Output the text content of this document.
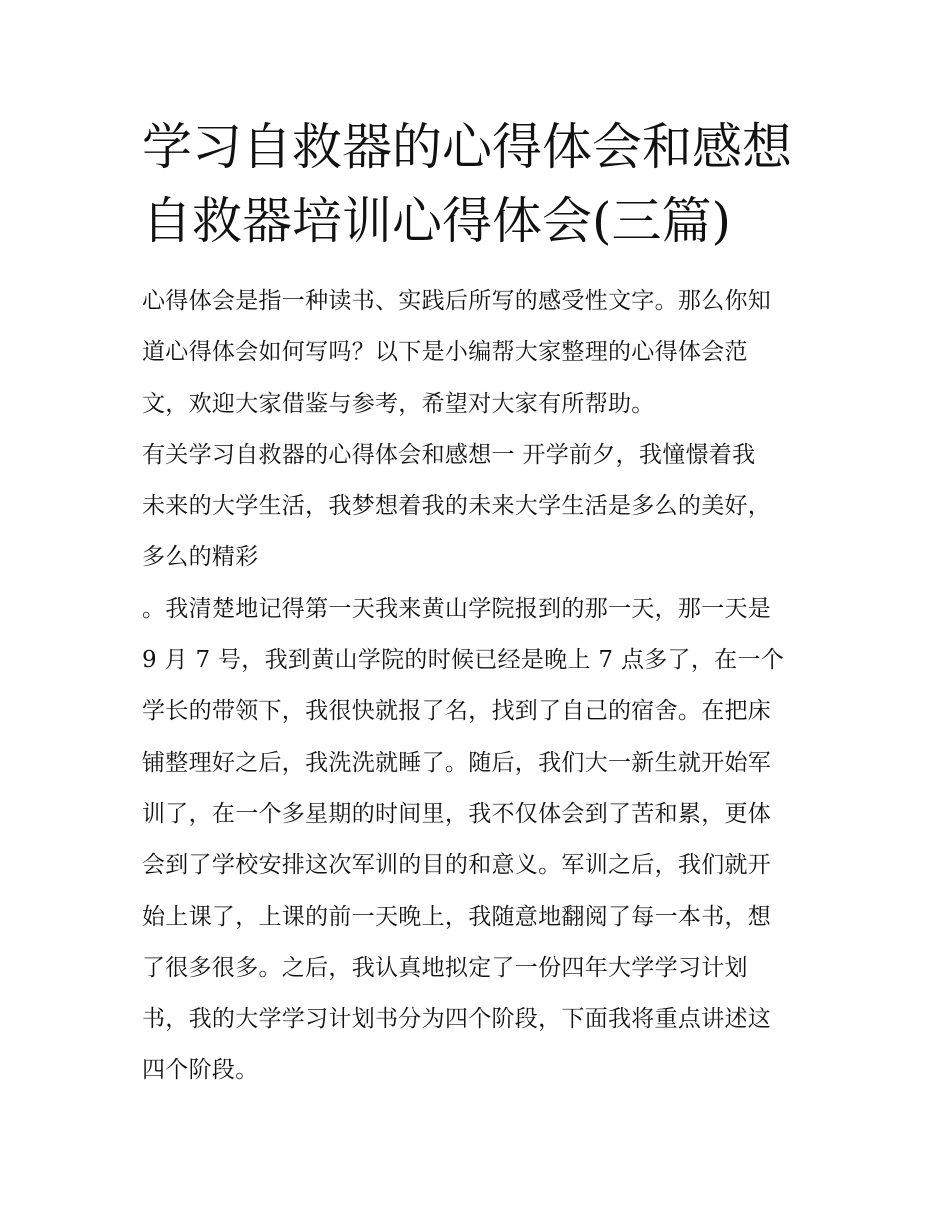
学习自救器的心得体会和感想
自救器培训心得体会(三篇)
心得体会是指一种读书、实践后所写的感受性文字。那么你知
道心得体会如何写吗？以下是小编帮大家整理的心得体会范
文，欢迎大家借鉴与参考，希望对大家有所帮助。
有关学习自救器的心得体会和感想一 开学前夕，我憧憬着我
未来的大学生活，我梦想着我的未来大学生活是多么的美好，
多么的精彩
。我清楚地记得第一天我来黄山学院报到的那一天，那一天是
9 月 7 号，我到黄山学院的时候已经是晚上 7 点多了，在一个
学长的带领下，我很快就报了名，找到了自己的宿舍。在把床
铺整理好之后，我洗洗就睡了。随后，我们大一新生就开始军
训了，在一个多星期的时间里，我不仅体会到了苦和累，更体
会到了学校安排这次军训的目的和意义。军训之后，我们就开
始上课了，上课的前一天晚上，我随意地翻阅了每一本书，想
了很多很多。之后，我认真地拟定了一份四年大学学习计划
书，我的大学学习计划书分为四个阶段，下面我将重点讲述这
四个阶段。
